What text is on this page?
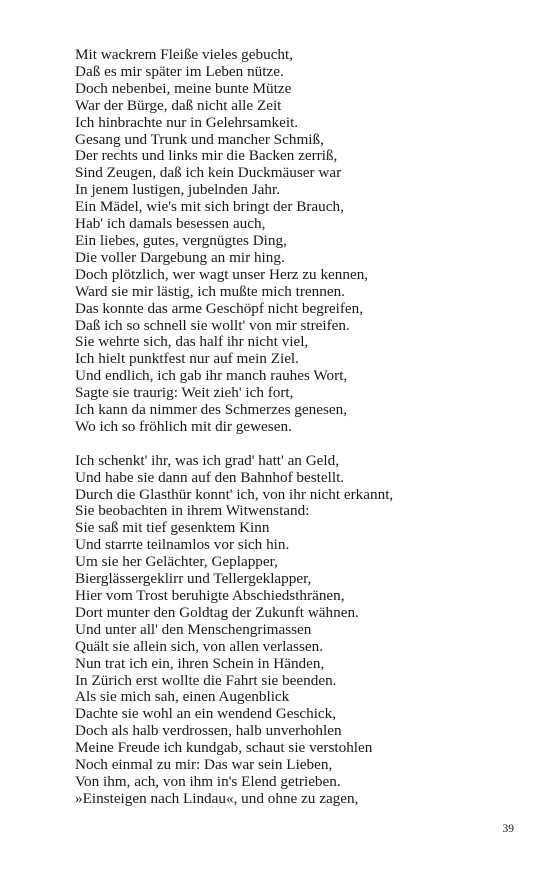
Mit wackrem Fleiße vieles gebucht,
Daß es mir später im Leben nütze.
Doch nebenbei, meine bunte Mütze
War der Bürge, daß nicht alle Zeit
Ich hinbrachte nur in Gelehrsamkeit.
Gesang und Trunk und mancher Schmiß,
Der rechts und links mir die Backen zerriß,
Sind Zeugen, daß ich kein Duckmäuser war
In jenem lustigen, jubelnden Jahr.
Ein Mädel, wie's mit sich bringt der Brauch,
Hab' ich damals besessen auch,
Ein liebes, gutes, vergnügtes Ding,
Die voller Dargebung an mir hing.
Doch plötzlich, wer wagt unser Herz zu kennen,
Ward sie mir lästig, ich mußte mich trennen.
Das konnte das arme Geschöpf nicht begreifen,
Daß ich so schnell sie wollt' von mir streifen.
Sie wehrte sich, das half ihr nicht viel,
Ich hielt punktfest nur auf mein Ziel.
Und endlich, ich gab ihr manch rauhes Wort,
Sagte sie traurig: Weit zieh' ich fort,
Ich kann da nimmer des Schmerzes genesen,
Wo ich so fröhlich mit dir gewesen.

Ich schenkt' ihr, was ich grad' hatt' an Geld,
Und habe sie dann auf den Bahnhof bestellt.
Durch die Glasthür konnt' ich, von ihr nicht erkannt,
Sie beobachten in ihrem Witwenstand:
Sie saß mit tief gesenktem Kinn
Und starrte teilnamlos vor sich hin.
Um sie her Gelächter, Geplapper,
Bierglässergeklirr und Tellergeklapper,
Hier vom Trost beruhigte Abschiedsthränen,
Dort munter den Goldtag der Zukunft wähnen.
Und unter all' den Menschengrimassen
Quält sie allein sich, von allen verlassen.
Nun trat ich ein, ihren Schein in Händen,
In Zürich erst wollte die Fahrt sie beenden.
Als sie mich sah, einen Augenblick
Dachte sie wohl an ein wendend Geschick,
Doch als halb verdrossen, halb unverhohlen
Meine Freude ich kundgab, schaut sie verstohlen
Noch einmal zu mir: Das war sein Lieben,
Von ihm, ach, von ihm in's Elend getrieben.
»Einsteigen nach Lindau«, und ohne zu zagen,

39
